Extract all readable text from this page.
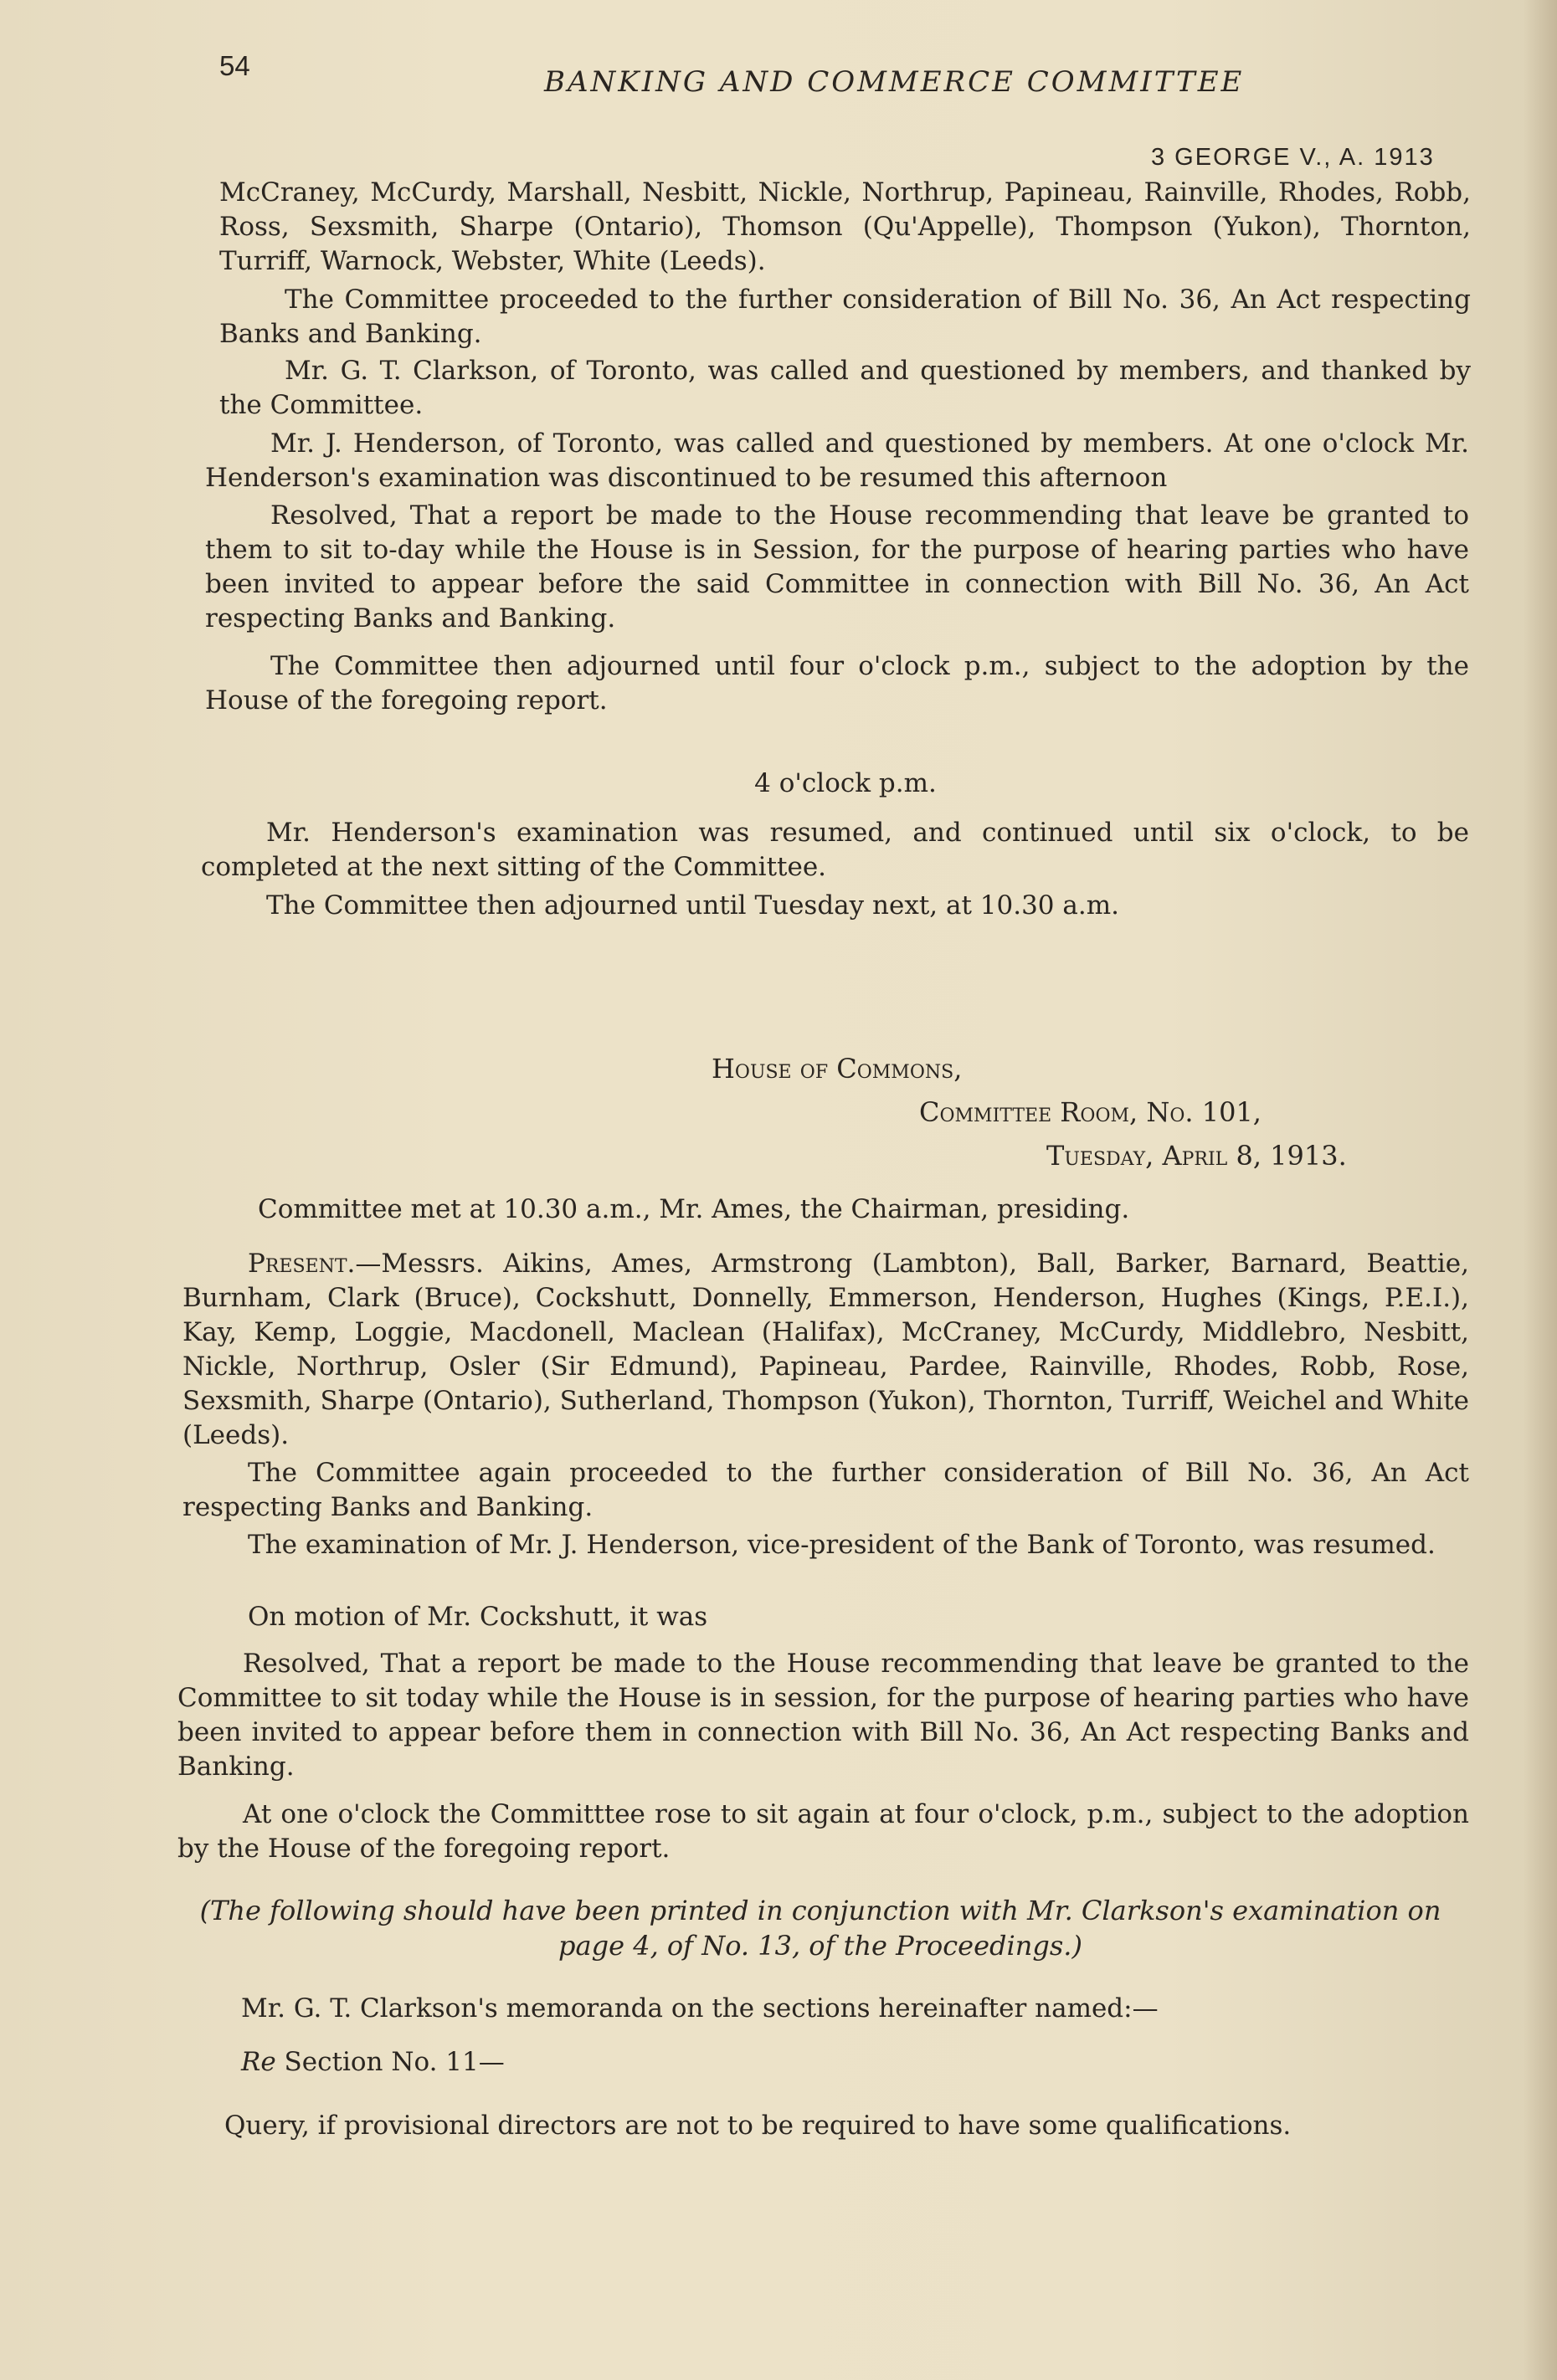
54	BANKING AND COMMERCE COMMITTEE
3 GEORGE V., A. 1913

McCraney, McCurdy, Marshall, Nesbitt, Nickle, Northrup, Papineau, Rainville, Rhodes, Robb, Ross, Sexsmith, Sharpe (Ontario), Thomson (Qu'Appelle), Thompson (Yukon), Thornton, Turriff, Warnock, Webster, White (Leeds).

The Committee proceeded to the further consideration of Bill No. 36, An Act respecting Banks and Banking.

Mr. G. T. Clarkson, of Toronto, was called and questioned by members, and thanked by the Committee.

Mr. J. Henderson, of Toronto, was called and questioned by members. At one o'clock Mr. Henderson's examination was discontinued to be resumed this afternoon

Resolved, That a report be made to the House recommending that leave be granted to them to sit to-day while the House is in Session, for the purpose of hearing parties who have been invited to appear before the said Committee in connection with Bill No. 36, An Act respecting Banks and Banking.

The Committee then adjourned until four o'clock p.m., subject to the adoption by the House of the foregoing report.

4 o'clock p.m.

Mr. Henderson's examination was resumed, and continued until six o'clock, to be completed at the next sitting of the Committee.

The Committee then adjourned until Tuesday next, at 10.30 a.m.

House of Commons,
Committee Room, No. 101,
Tuesday, April 8, 1913.

Committee met at 10.30 a.m., Mr. Ames, the Chairman, presiding.

Present.—Messrs. Aikins, Ames, Armstrong (Lambton), Ball, Barker, Barnard, Beattie, Burnham, Clark (Bruce), Cockshutt, Donnelly, Emmerson, Henderson, Hughes (Kings, P.E.I.), Kay, Kemp, Loggie, Macdonell, Maclean (Halifax), McCraney, McCurdy, Middlebro, Nesbitt, Nickle, Northrup, Osler (Sir Edmund), Papineau, Pardee, Rainville, Rhodes, Robb, Rose, Sexsmith, Sharpe (Ontario), Sutherland, Thompson (Yukon), Thornton, Turriff, Weichel and White (Leeds).

The Committee again proceeded to the further consideration of Bill No. 36, An Act respecting Banks and Banking.

The examination of Mr. J. Henderson, vice-president of the Bank of Toronto, was resumed.

On motion of Mr. Cockshutt, it was

Resolved, That a report be made to the House recommending that leave be granted to the Committee to sit today while the House is in session, for the purpose of hearing parties who have been invited to appear before them in connection with Bill No. 36, An Act respecting Banks and Banking.

At one o'clock the Committtee rose to sit again at four o'clock, p.m., subject to the adoption by the House of the foregoing report.

(The following should have been printed in conjunction with Mr. Clarkson's examination on page 4, of No. 13, of the Proceedings.)

Mr. G. T. Clarkson's memoranda on the sections hereinafter named:—

Re Section No. 11—

Query, if provisional directors are not to be required to have some qualifications.
